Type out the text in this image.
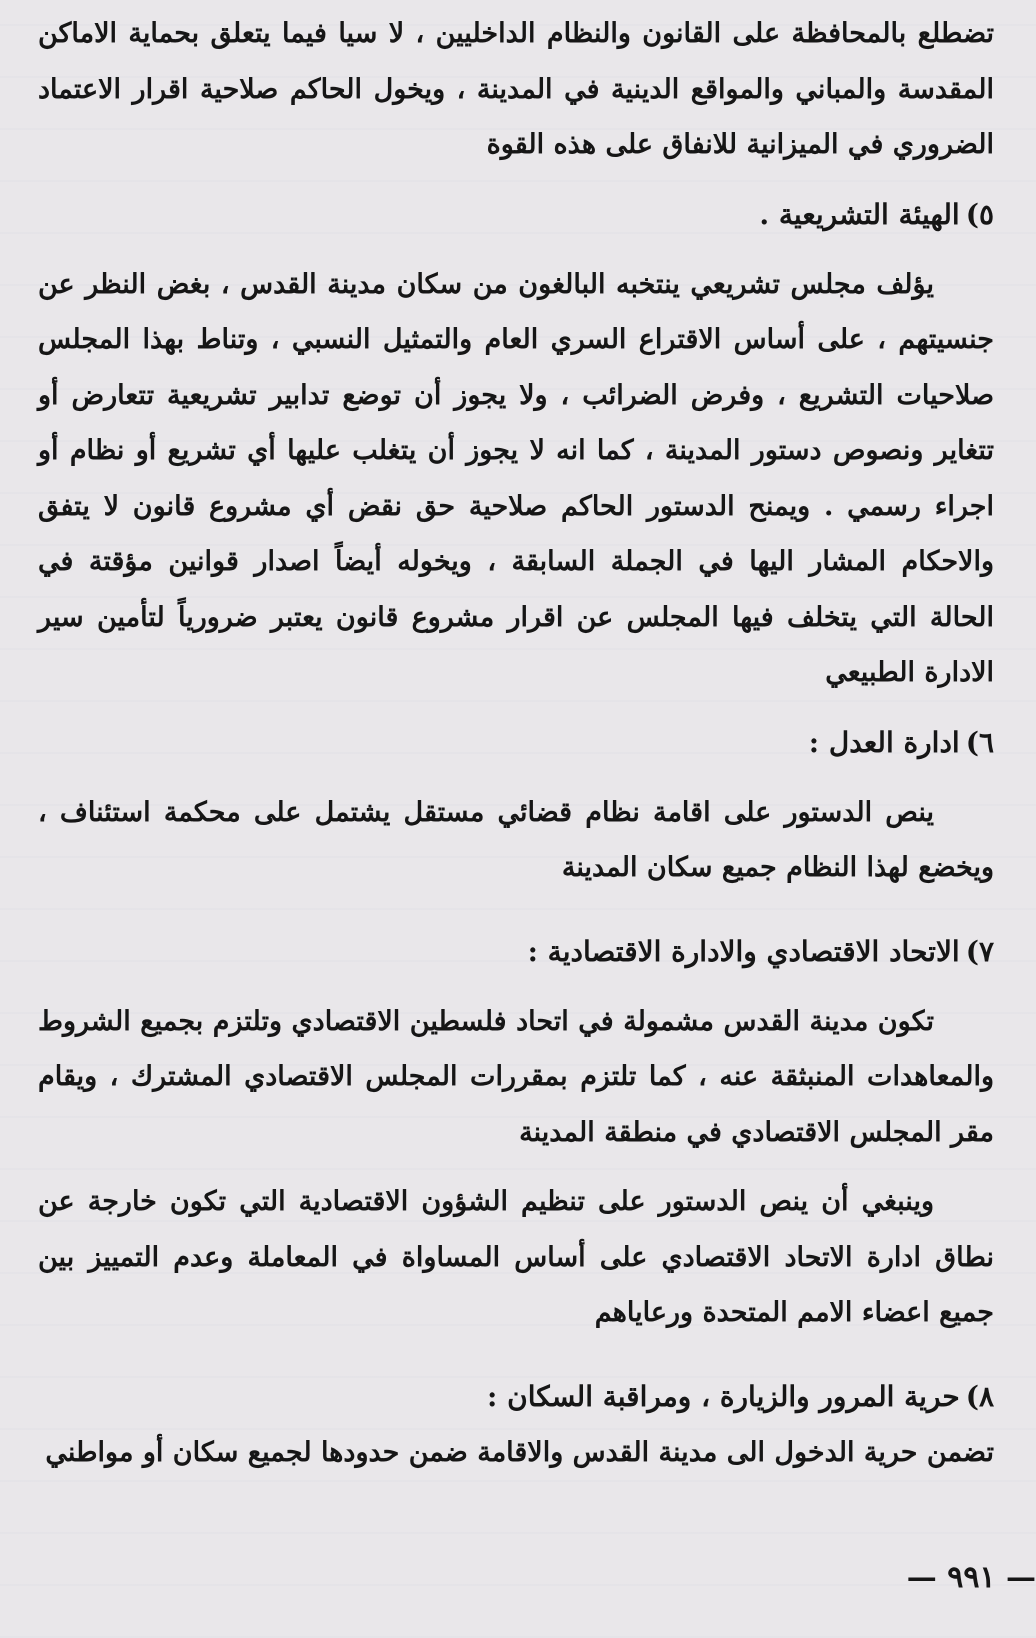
تضطلع بالمحافظة على القانون والنظام الداخليين ، لا سيا فيما يتعلق بحماية الاماكن المقدسة والمباني والمواقع الدينية في المدينة ، ويخول الحاكم صلاحية اقرار الاعتماد الضروري في الميزانية للانفاق على هذه القوة

٥)الهيئة التشريعية .

يؤلف مجلس تشريعي ينتخبه البالغون من سكان مدينة القدس ، بغض النظر عن جنسيتهم ، على أساس الاقتراع السري العام والتمثيل النسبي ، وتناط بهذا المجلس صلاحيات التشريع ، وفرض الضرائب ، ولا يجوز أن توضع تدابير تشريعية تتعارض أو تتغاير ونصوص دستور المدينة ، كما انه لا يجوز أن يتغلب عليها أي تشريع أو نظام أو اجراء رسمي . ويمنح الدستور الحاكم صلاحية حق نقض أي مشروع قانون لا يتفق والاحكام المشار اليها في الجملة السابقة ، ويخوله أيضاً اصدار قوانين مؤقتة في الحالة التي يتخلف فيها المجلس عن اقرار مشروع قانون يعتبر ضرورياً لتأمين سير الادارة الطبيعي

٦)ادارة العدل :

ينص الدستور على اقامة نظام قضائي مستقل يشتمل على محكمة استئناف ، ويخضع لهذا النظام جميع سكان المدينة

٧)الاتحاد الاقتصادي والادارة الاقتصادية :

تكون مدينة القدس مشمولة في اتحاد فلسطين الاقتصادي وتلتزم بجميع الشروط والمعاهدات المنبثقة عنه ، كما تلتزم بمقررات المجلس الاقتصادي المشترك ، ويقام مقر المجلس الاقتصادي في منطقة المدينة

وينبغي أن ينص الدستور على تنظيم الشؤون الاقتصادية التي تكون خارجة عن نطاق ادارة الاتحاد الاقتصادي على أساس المساواة في المعاملة وعدم التمييز بين جميع اعضاء الامم المتحدة ورعاياهم

٨)حرية المرور والزيارة ، ومراقبة السكان :

تضمن حرية الدخول الى مدينة القدس والاقامة ضمن حدودها لجميع سكان أو مواطني

— ٩٩١ —
